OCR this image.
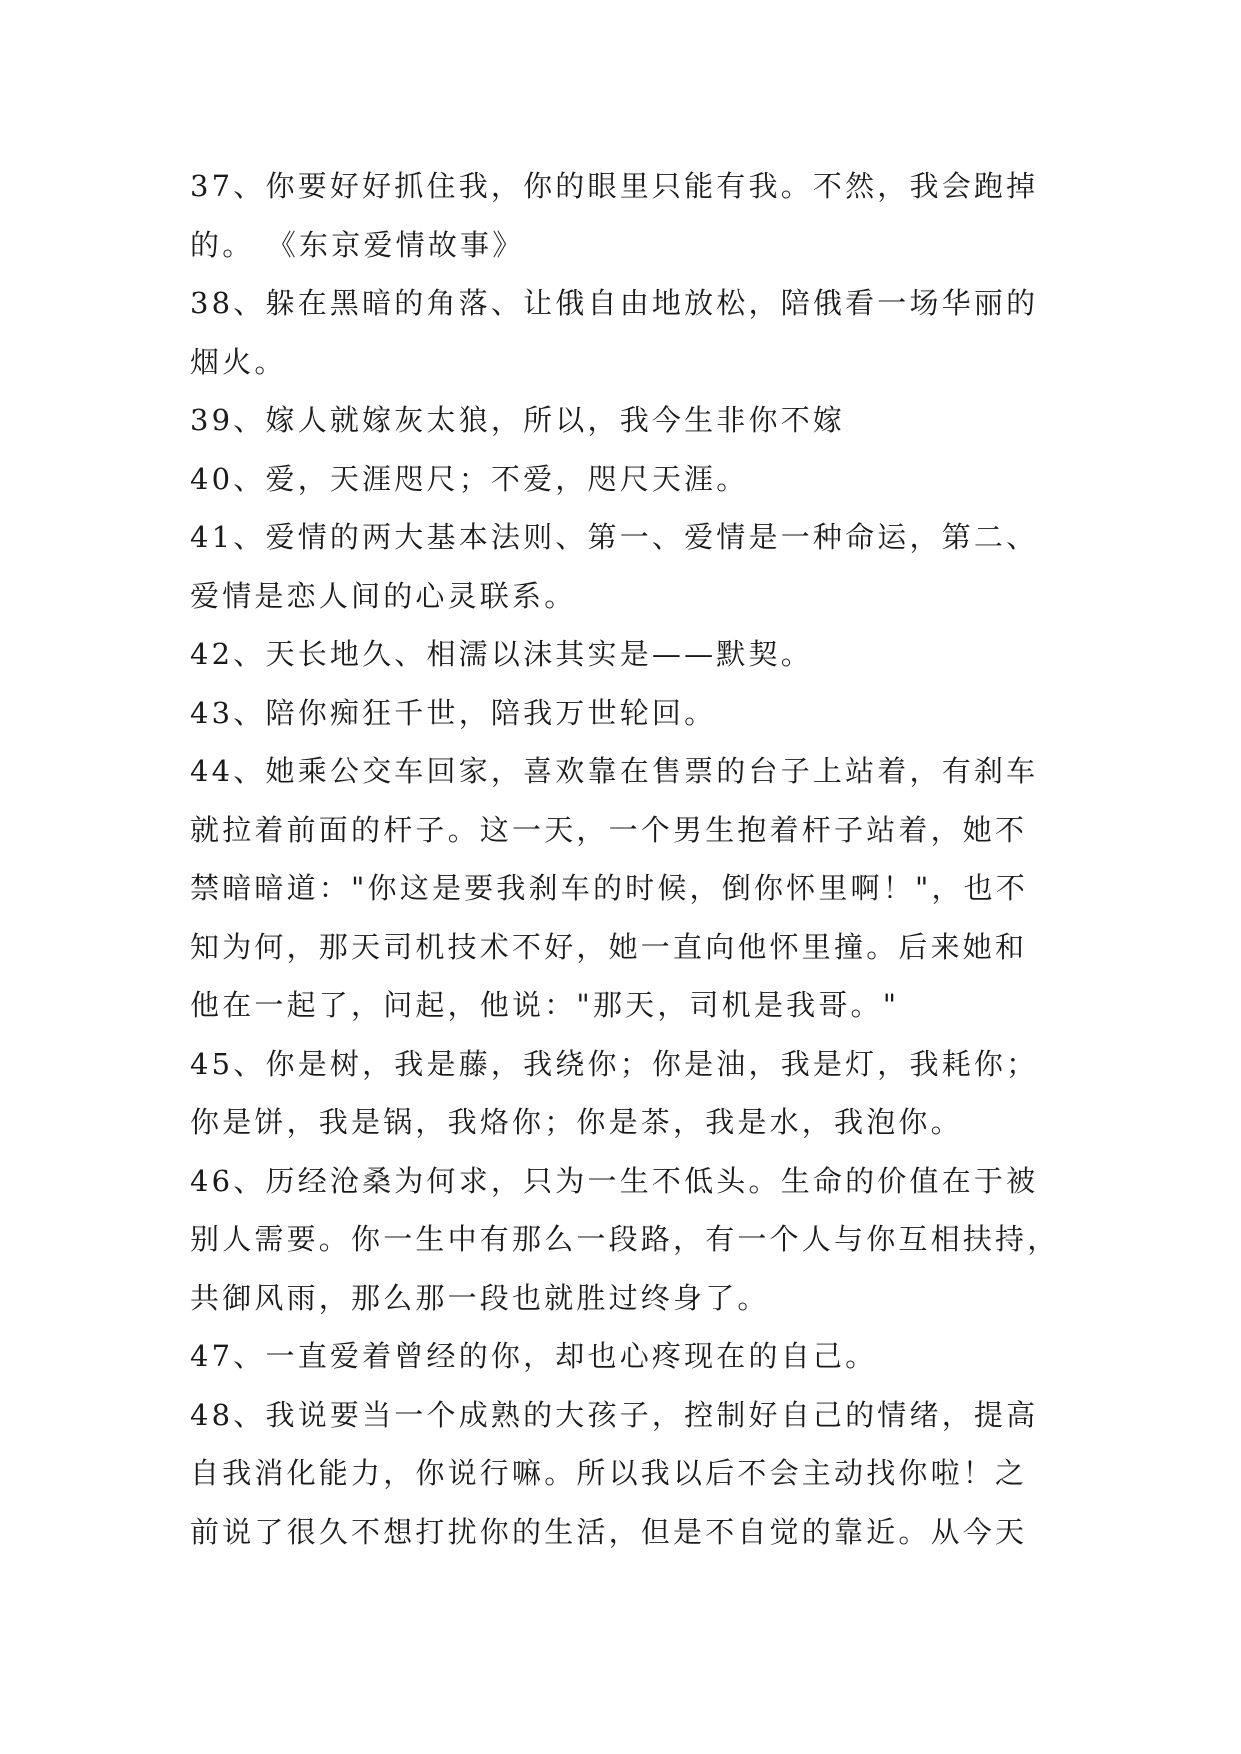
37、你要好好抓住我，你的眼里只能有我。不然，我会跑掉
的。 《东京爱情故事》
38、躲在黑暗的角落、让俄自由地放松，陪俄看一场华丽的
烟火。
39、嫁人就嫁灰太狼，所以，我今生非你不嫁
40、爱，天涯咫尺；不爱，咫尺天涯。
41、爱情的两大基本法则、第一、爱情是一种命运，第二、
爱情是恋人间的心灵联系。
42、天长地久、相濡以沫其实是——默契。
43、陪你痴狂千世，陪我万世轮回。
44、她乘公交车回家，喜欢靠在售票的台子上站着，有刹车
就拉着前面的杆子。这一天，一个男生抱着杆子站着，她不
禁暗暗道："你这是要我刹车的时候，倒你怀里啊！"，也不
知为何，那天司机技术不好，她一直向他怀里撞。后来她和
他在一起了，问起，他说："那天，司机是我哥。"
45、你是树，我是藤，我绕你；你是油，我是灯，我耗你；
你是饼，我是锅，我烙你；你是茶，我是水，我泡你。
46、历经沧桑为何求，只为一生不低头。生命的价值在于被
别人需要。你一生中有那么一段路，有一个人与你互相扶持，
共御风雨，那么那一段也就胜过终身了。
47、一直爱着曾经的你，却也心疼现在的自己。
48、我说要当一个成熟的大孩子，控制好自己的情绪，提高
自我消化能力，你说行嘛。所以我以后不会主动找你啦！之
前说了很久不想打扰你的生活，但是不自觉的靠近。从今天
